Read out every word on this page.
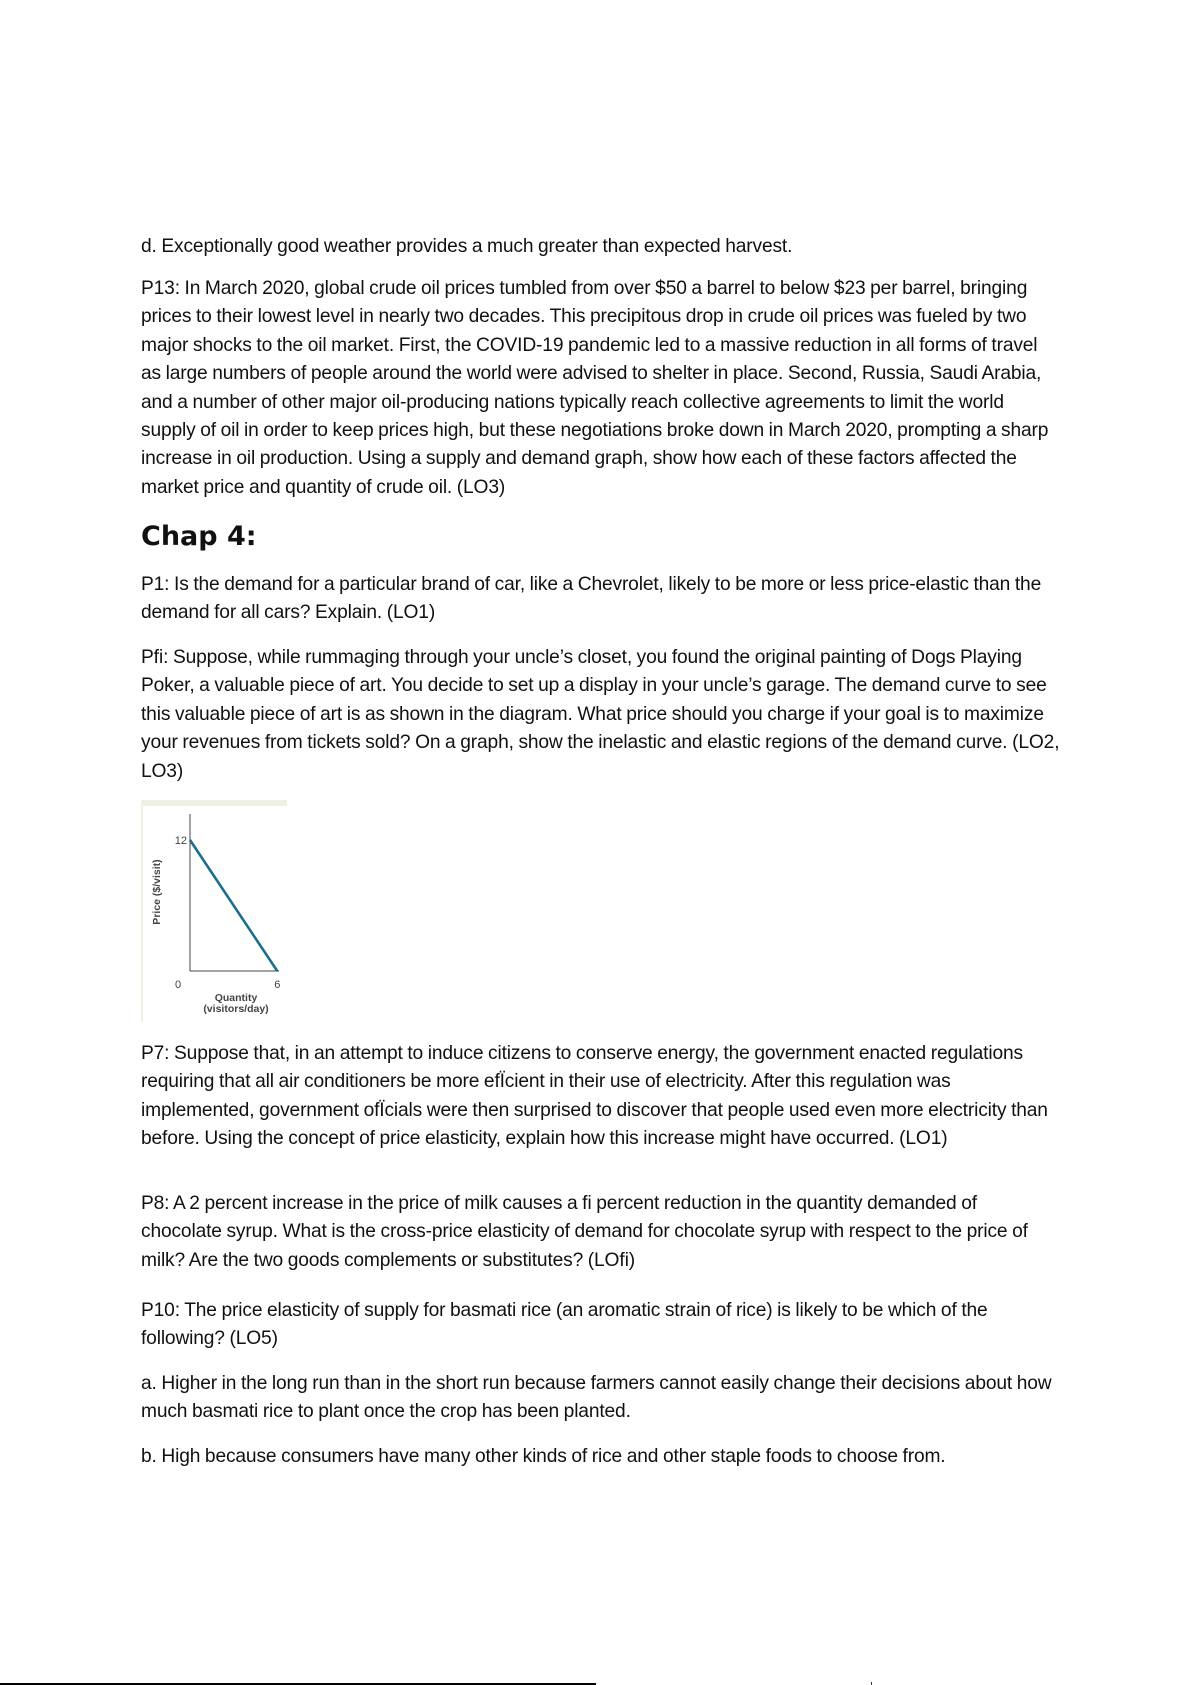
d. Exceptionally good weather provides a much greater than expected harvest.

P13: In March 2020, global crude oil prices tumbled from over $50 a barrel to below $23 per barrel, bringing prices to their lowest level in nearly two decades. This precipitous drop in crude oil prices was fueled by two major shocks to the oil market. First, the COVID-19 pandemic led to a massive reduction in all forms of travel as large numbers of people around the world were advised to shelter in place. Second, Russia, Saudi Arabia, and a number of other major oil-producing nations typically reach collective agreements to limit the world supply of oil in order to keep prices high, but these negotiations broke down in March 2020, prompting a sharp increase in oil production. Using a supply and demand graph, show how each of these factors affected the market price and quantity of crude oil. (LO3)

Chap 4:

P1: Is the demand for a particular brand of car, like a Chevrolet, likely to be more or less price-elastic than the demand for all cars? Explain. (LO1)

Pﬁ: Suppose, while rummaging through your uncle’s closet, you found the original painting of Dogs Playing Poker, a valuable piece of art. You decide to set up a display in your uncle’s garage. The demand curve to see this valuable piece of art is as shown in the diagram. What price should you charge if your goal is to maximize your revenues from tickets sold? On a graph, show the inelastic and elastic regions of the demand curve. (LO2, LO3)

Price ($/visit)
Quantity
(visitors/day)
0
12
6

P7: Suppose that, in an attempt to induce citizens to conserve energy, the government enacted regulations requiring that all air conditioners be more efÏcient in their use of electricity. After this regulation was implemented, government ofÏcials were then surprised to discover that people used even more electricity than before. Using the concept of price elasticity, explain how this increase might have occurred. (LO1)

P8: A 2 percent increase in the price of milk causes a ﬁ percent reduction in the quantity demanded of chocolate syrup. What is the cross-price elasticity of demand for chocolate syrup with respect to the price of milk? Are the two goods complements or substitutes? (LOﬁ)

P10: The price elasticity of supply for basmati rice (an aromatic strain of rice) is likely to be which of the following? (LO5)

a. Higher in the long run than in the short run because farmers cannot easily change their decisions about how much basmati rice to plant once the crop has been planted.

b. High because consumers have many other kinds of rice and other staple foods to choose from.
